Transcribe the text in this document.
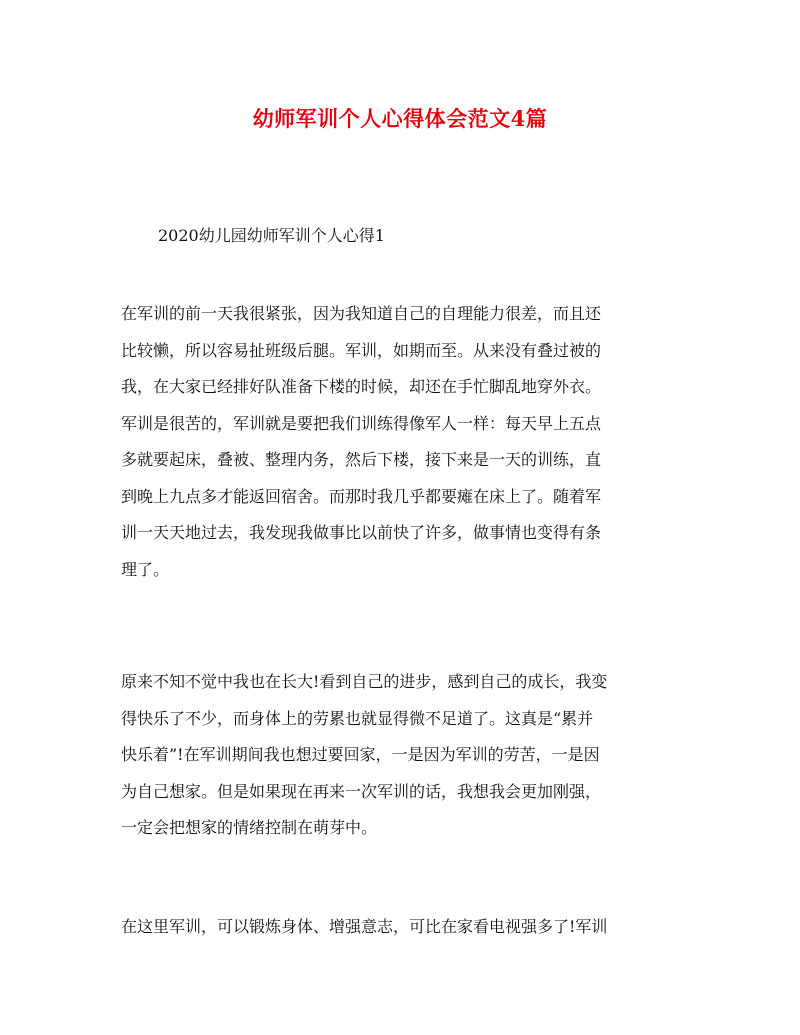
幼师军训个人心得体会范文4篇
2020幼儿园幼师军训个人心得1
在军训的前一天我很紧张，因为我知道自己的自理能力很差，而且还
比较懒，所以容易扯班级后腿。军训，如期而至。从来没有叠过被的
我，在大家已经排好队准备下楼的时候，却还在手忙脚乱地穿外衣。
军训是很苦的，军训就是要把我们训练得像军人一样：每天早上五点
多就要起床，叠被、整理内务，然后下楼，接下来是一天的训练，直
到晚上九点多才能返回宿舍。而那时我几乎都要瘫在床上了。随着军
训一天天地过去，我发现我做事比以前快了许多，做事情也变得有条
理了。
原来不知不觉中我也在长大!看到自己的进步，感到自己的成长，我变
得快乐了不少，而身体上的劳累也就显得微不足道了。这真是“累并
快乐着”!在军训期间我也想过要回家，一是因为军训的劳苦，一是因
为自己想家。但是如果现在再来一次军训的话，我想我会更加刚强，
一定会把想家的情绪控制在萌芽中。
在这里军训，可以锻炼身体、增强意志，可比在家看电视强多了!军训
